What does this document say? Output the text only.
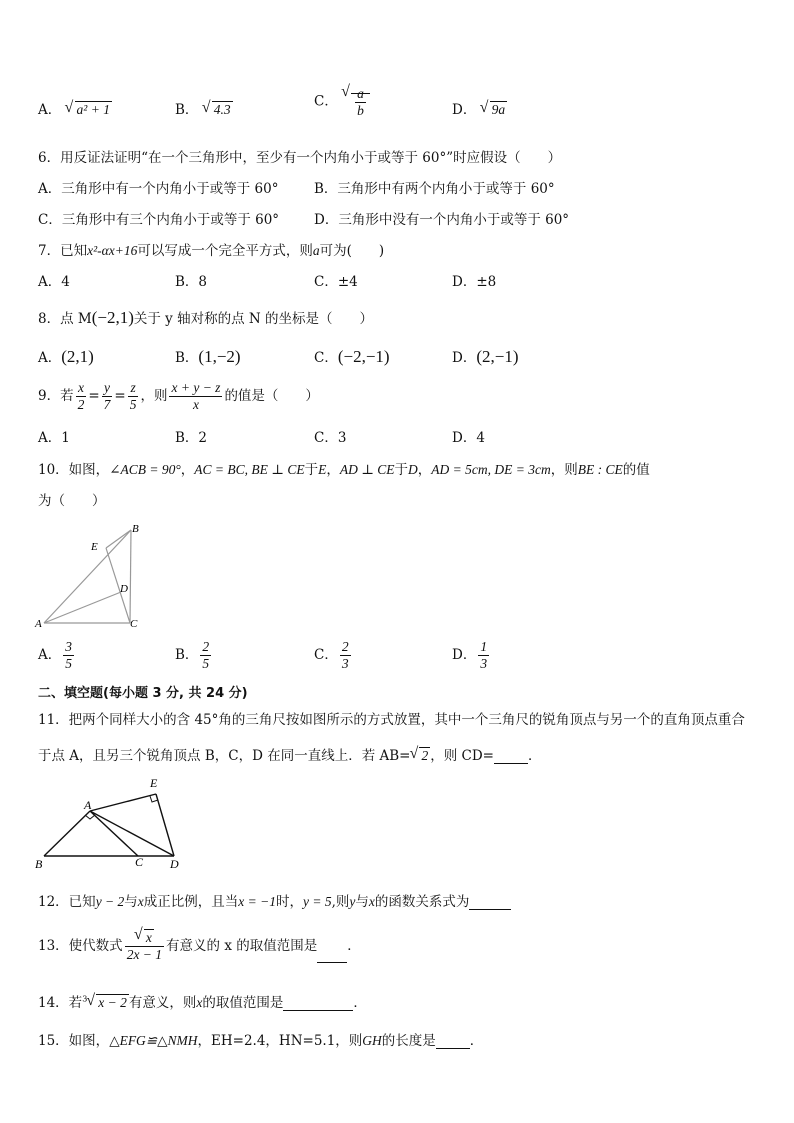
A． √ a² + 1	B． √ 4.3	C． √ $\frac{a}{b}$	D． √ 9a
6．用反证法证明“在一个三角形中，至少有一个内角小于或等于 60°”时应假设（　　）
A．三角形中有一个内角小于或等于 60°	B．三角形中有两个内角小于或等于 60°
C．三角形中有三个内角小于或等于 60°	D．三角形中没有一个内角小于或等于 60°
7．已知x²-αx+16可以写成一个完全平方式，则a可为(　　)
A．4	B．8	C．±4	D．±8
8．点 M(−2,1)关于 y 轴对称的点 N 的坐标是（　　）
A．(2,1)	B．(1,−2)	C．(−2,−1)	D．(2,−1)
9．若 $\frac{x}{2} = \frac{y}{7} = \frac{z}{5}$ ，则 $\frac{x + y - z}{x}$ 的值是（　　）
A．1	B．2	C．3	D．4
10．如图，∠ACB = 90°，AC = BC, BE ⊥ CE于E，AD ⊥ CE于D，AD = 5cm, DE = 3cm，则BE : CE的值
为（　　）
B
E
D
A	C
A． $\frac{3}{5}$	B． $\frac{2}{5}$	C． $\frac{2}{3}$	D． $\frac{1}{3}$
二、填空题(每小题 3 分, 共 24 分)
11．把两个同样大小的含 45°角的三角尺按如图所示的方式放置，其中一个三角尺的锐角顶点与另一个的直角顶点重合
于点 A，且另三个锐角顶点 B，C，D 在同一直线上．若 AB= √ 2 ，则 CD=	．
E
A
B	C D
12．已知y − 2与x成正比例，且当x = −1时，y = 5,则y与x的函数关系式为
13．使代数式 √ $\frac{x}{2x - 1}$ 有意义的 x 的取值范围是 ．
14．若$^3$ √ x − 2 有意义，则x的取值范围是	．
15．如图，△EFG≌△NMH，EH=2.4，HN=5.1，则GH的长度是	．
